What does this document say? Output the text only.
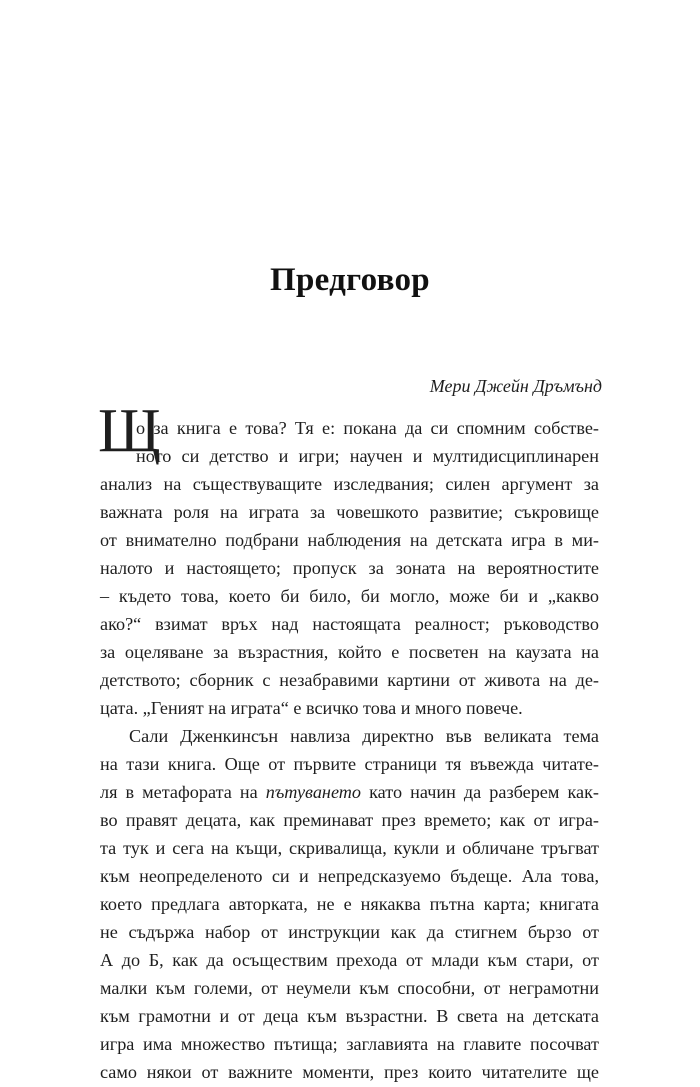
Предговор

Мери Джейн Дръмънд

Щ
о за книга е това? Тя е: покана да си спомним собстве-
ното си детство и игри; научен и мултидисциплинарен
анализ на съществуващите изследвания; силен аргумент за
важната роля на играта за човешкото развитие; съкровище
от внимателно подбрани наблюдения на детската игра в ми-
налото и настоящето; пропуск за зоната на вероятностите
– където това, което би било, би могло, може би и „какво
ако?“ взимат връх над настоящата реалност; ръководство
за оцеляване за възрастния, който е посветен на каузата на
детството; сборник с незабравими картини от живота на де-
цата. „Геният на играта“ е всичко това и много повече.
Сали Дженкинсън навлиза директно във великата тема
на тази книга. Още от първите страници тя въвежда читате-
ля в метафората на пътуването като начин да разберем как-
во правят децата, как преминават през времето; как от игра-
та тук и сега на къщи, скривалища, кукли и обличане тръгват
към неопределеното си и непредсказуемо бъдеще. Ала това,
което предлага авторката, не е някаква пътна карта; книгата
не съдържа набор от инструкции как да стигнем бързо от
А до Б, как да осъществим прехода от млади към стари, от
малки към големи, от неумели към способни, от неграмотни
към грамотни и от деца към възрастни. В света на детската
игра има множество пътища; заглавията на главите посочват
само някои от важните моменти, през които читателите ще
